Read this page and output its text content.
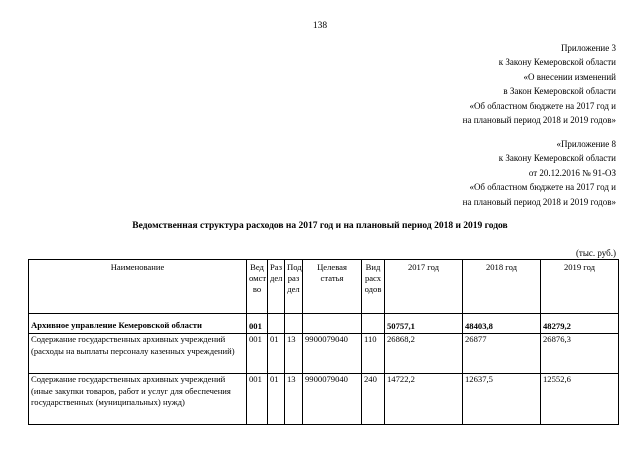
138
Приложение 3
к Закону Кемеровской области
«О внесении изменений
в Закон Кемеровской области
«Об областном бюджете на 2017 год и
на плановый период 2018 и 2019 годов»
«Приложение 8
к Закону Кемеровской области
от 20.12.2016 № 91-ОЗ
«Об областном бюджете на 2017 год и
на плановый период 2018 и 2019 годов»
Ведомственная структура расходов на 2017 год и на плановый период 2018 и 2019 годов
(тыс. руб.)
Наименование	Вед омст во	Раз дел	Под раз дел	Целевая статья	Вид расх одов	2017 год	2018 год	2019 год

Архивное управление Кемеровской области	001					50757,1	48403,8	48279,2
Содержание государственных архивных учреждений (расходы на выплаты персоналу казенных учреждений)	001	01	13	9900079040	110	26868,2	26877	26876,3
Содержание государственных архивных учреждений (иные закупки товаров, работ и услуг для обеспечения государственных (муниципальных) нужд)	001	01	13	9900079040	240	14722,2	12637,5	12552,6
